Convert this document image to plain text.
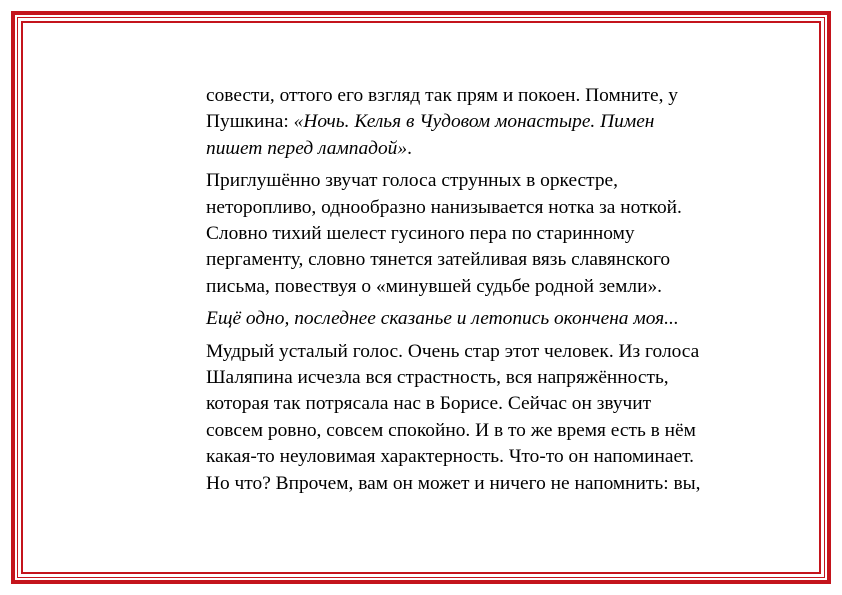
совести, оттого его взгляд так прям и покоен. Помните, у
Пушкина: «Ночь. Келья в Чудовом монастыре. Пимен
пишет перед лампадой».

Приглушённо звучат голоса струнных в оркестре,
неторопливо, однообразно нанизывается нотка за ноткой.
Словно тихий шелест гусиного пера по старинному
пергаменту, словно тянется затейливая вязь славянского
письма, повествуя о «минувшей судьбе родной земли».

Ещё одно, последнее сказанье и летопись окончена моя...

Мудрый усталый голос. Очень стар этот человек. Из голоса
Шаляпина исчезла вся страстность, вся напряжённость,
которая так потрясала нас в Борисе. Сейчас он звучит
совсем ровно, совсем спокойно. И в то же время есть в нём
какая-то неуловимая характерность. Что-то он напоминает.
Но что? Впрочем, вам он может и ничего не напомнить: вы,
